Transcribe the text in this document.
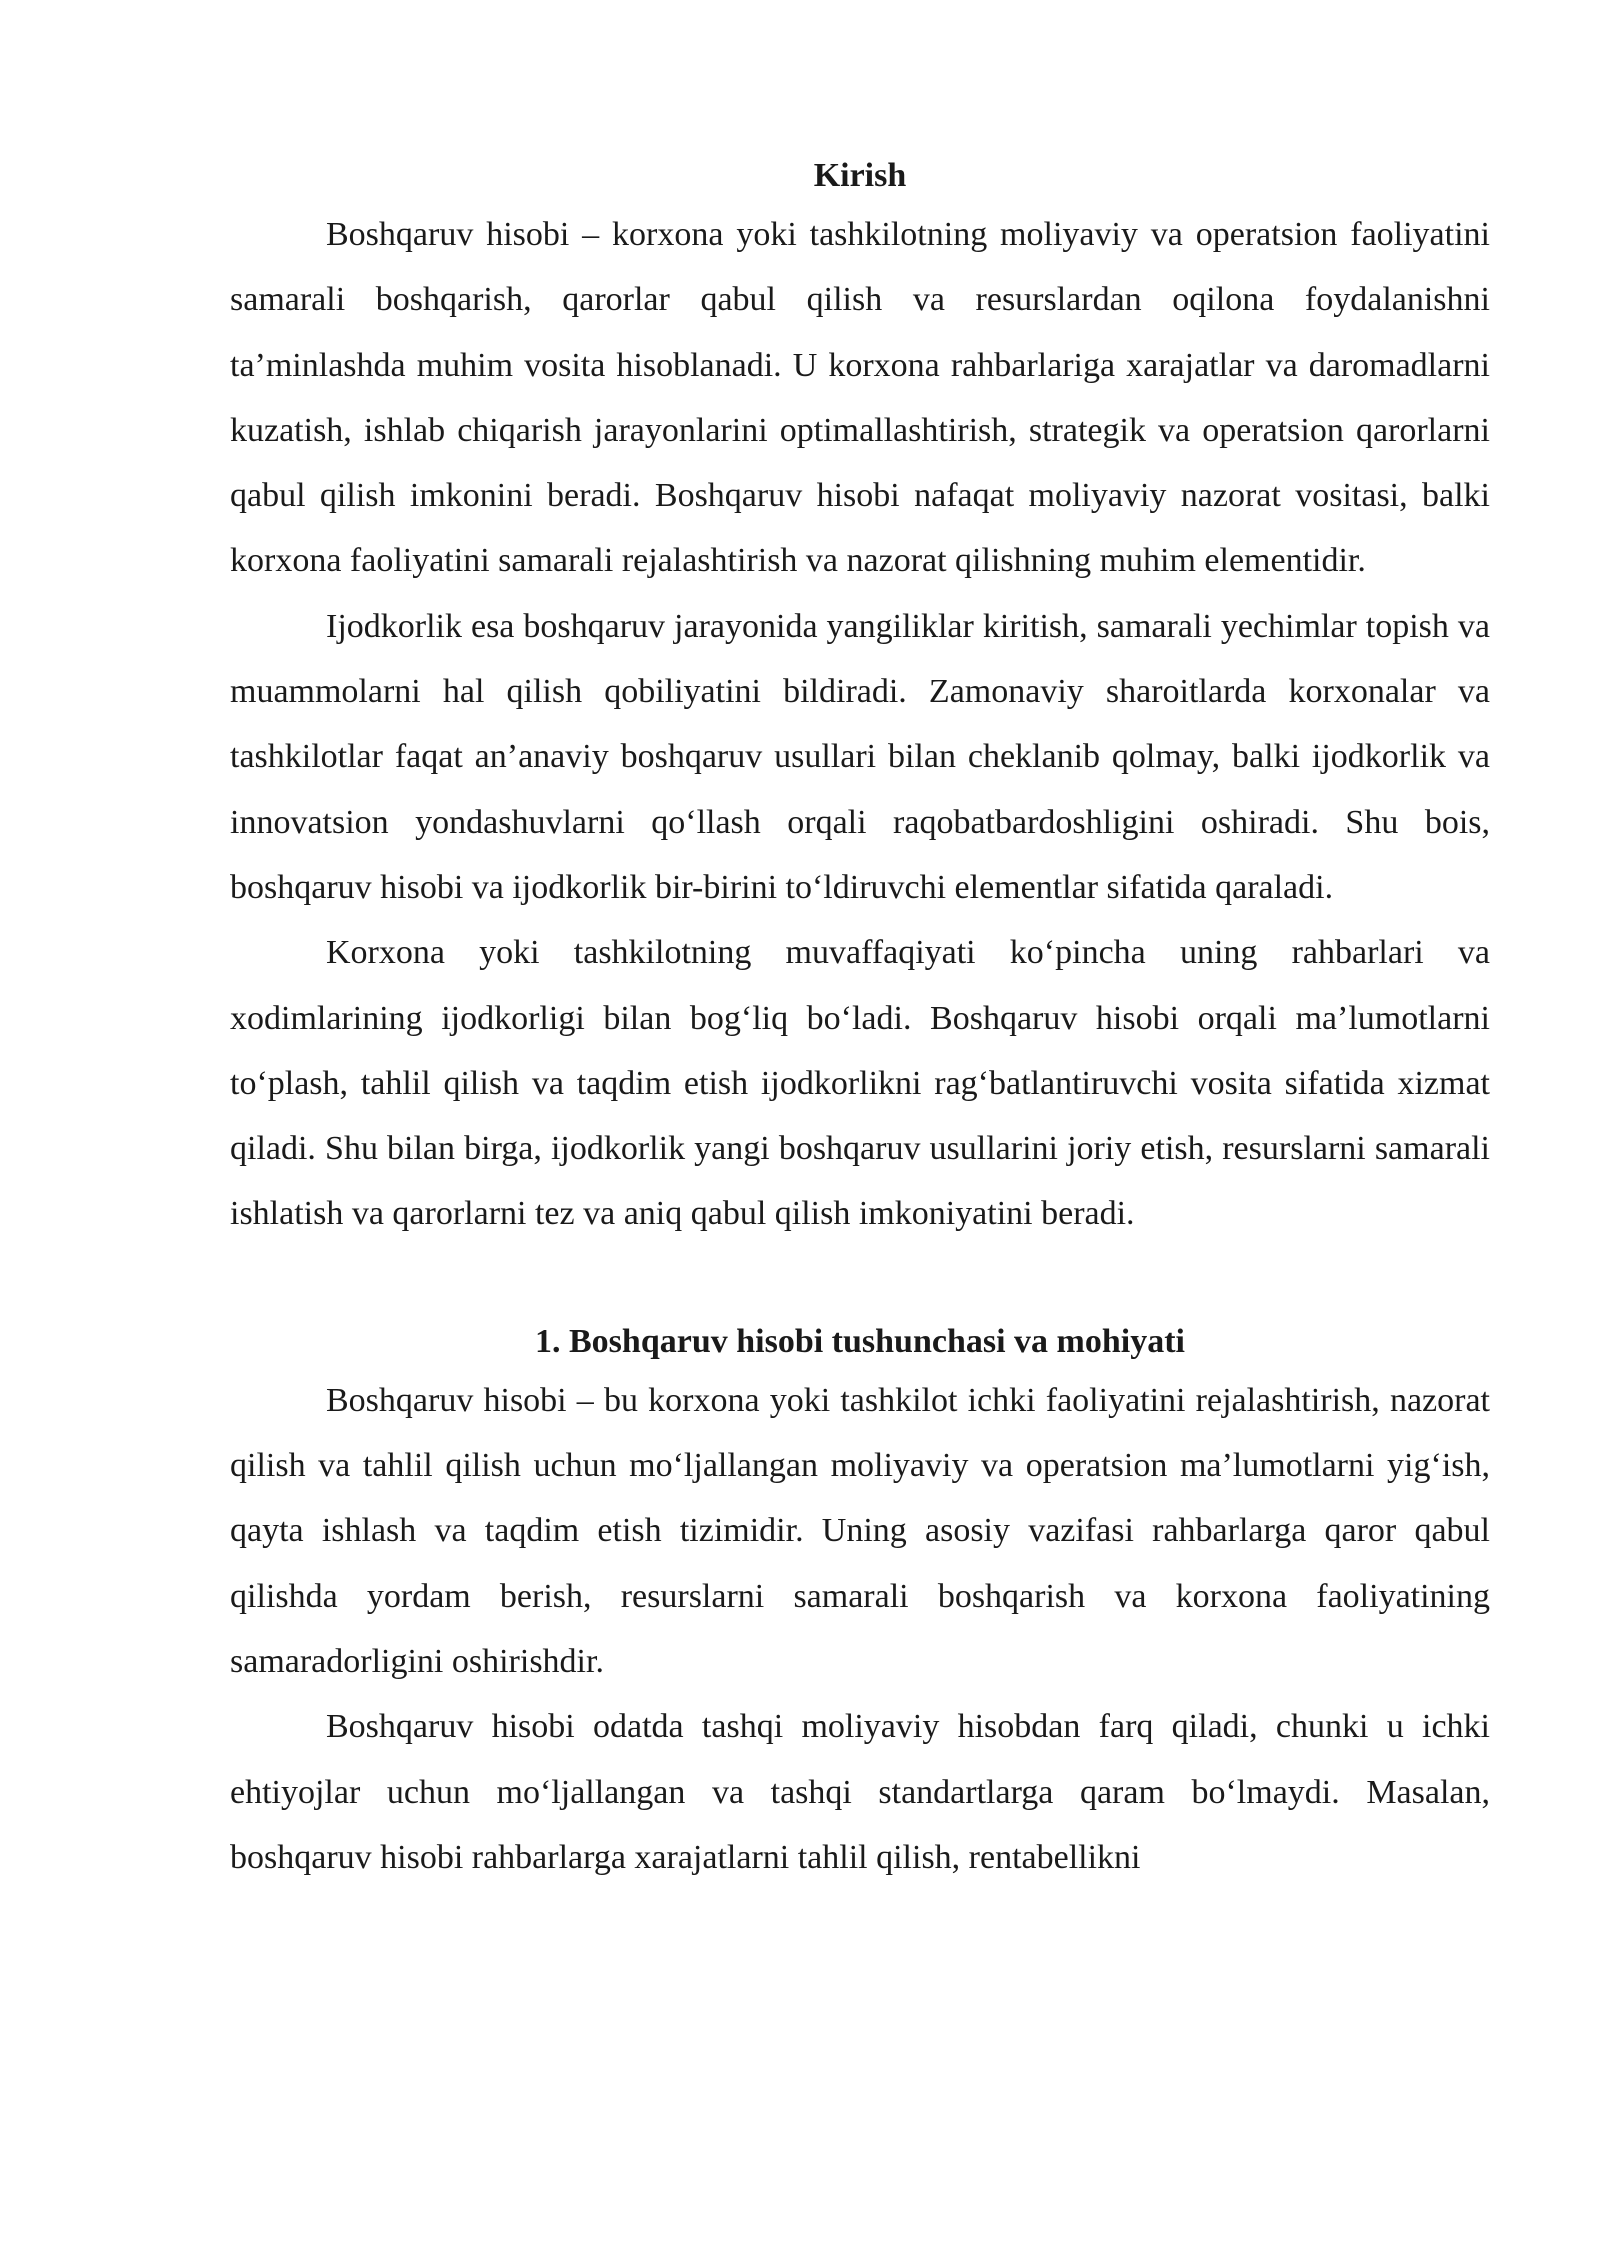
Kirish

Boshqaruv hisobi – korxona yoki tashkilotning moliyaviy va operatsion faoliyatini samarali boshqarish, qarorlar qabul qilish va resurslardan oqilona foydalanishni ta’minlashda muhim vosita hisoblanadi. U korxona rahbarlariga xarajatlar va daromadlarni kuzatish, ishlab chiqarish jarayonlarini optimallashtirish, strategik va operatsion qarorlarni qabul qilish imkonini beradi. Boshqaruv hisobi nafaqat moliyaviy nazorat vositasi, balki korxona faoliyatini samarali rejalashtirish va nazorat qilishning muhim elementidir.

Ijodkorlik esa boshqaruv jarayonida yangiliklar kiritish, samarali yechimlar topish va muammolarni hal qilish qobiliyatini bildiradi. Zamonaviy sharoitlarda korxonalar va tashkilotlar faqat an’anaviy boshqaruv usullari bilan cheklanib qolmay, balki ijodkorlik va innovatsion yondashuvlarni qo‘llash orqali raqobatbardoshligini oshiradi. Shu bois, boshqaruv hisobi va ijodkorlik bir-birini to‘ldiruvchi elementlar sifatida qaraladi.

Korxona yoki tashkilotning muvaffaqiyati ko‘pincha uning rahbarlari va xodimlarining ijodkorligi bilan bog‘liq bo‘ladi. Boshqaruv hisobi orqali ma’lumotlarni to‘plash, tahlil qilish va taqdim etish ijodkorlikni rag‘batlantiruvchi vosita sifatida xizmat qiladi. Shu bilan birga, ijodkorlik yangi boshqaruv usullarini joriy etish, resurslarni samarali ishlatish va qarorlarni tez va aniq qabul qilish imkoniyatini beradi.

1. Boshqaruv hisobi tushunchasi va mohiyati

Boshqaruv hisobi – bu korxona yoki tashkilot ichki faoliyatini rejalashtirish, nazorat qilish va tahlil qilish uchun mo‘ljallangan moliyaviy va operatsion ma’lumotlarni yig‘ish, qayta ishlash va taqdim etish tizimidir. Uning asosiy vazifasi rahbarlarga qaror qabul qilishda yordam berish, resurslarni samarali boshqarish va korxona faoliyatining samaradorligini oshirishdir.

Boshqaruv hisobi odatda tashqi moliyaviy hisobdan farq qiladi, chunki u ichki ehtiyojlar uchun mo‘ljallangan va tashqi standartlarga qaram bo‘lmaydi. Masalan, boshqaruv hisobi rahbarlarga xarajatlarni tahlil qilish, rentabellikni
